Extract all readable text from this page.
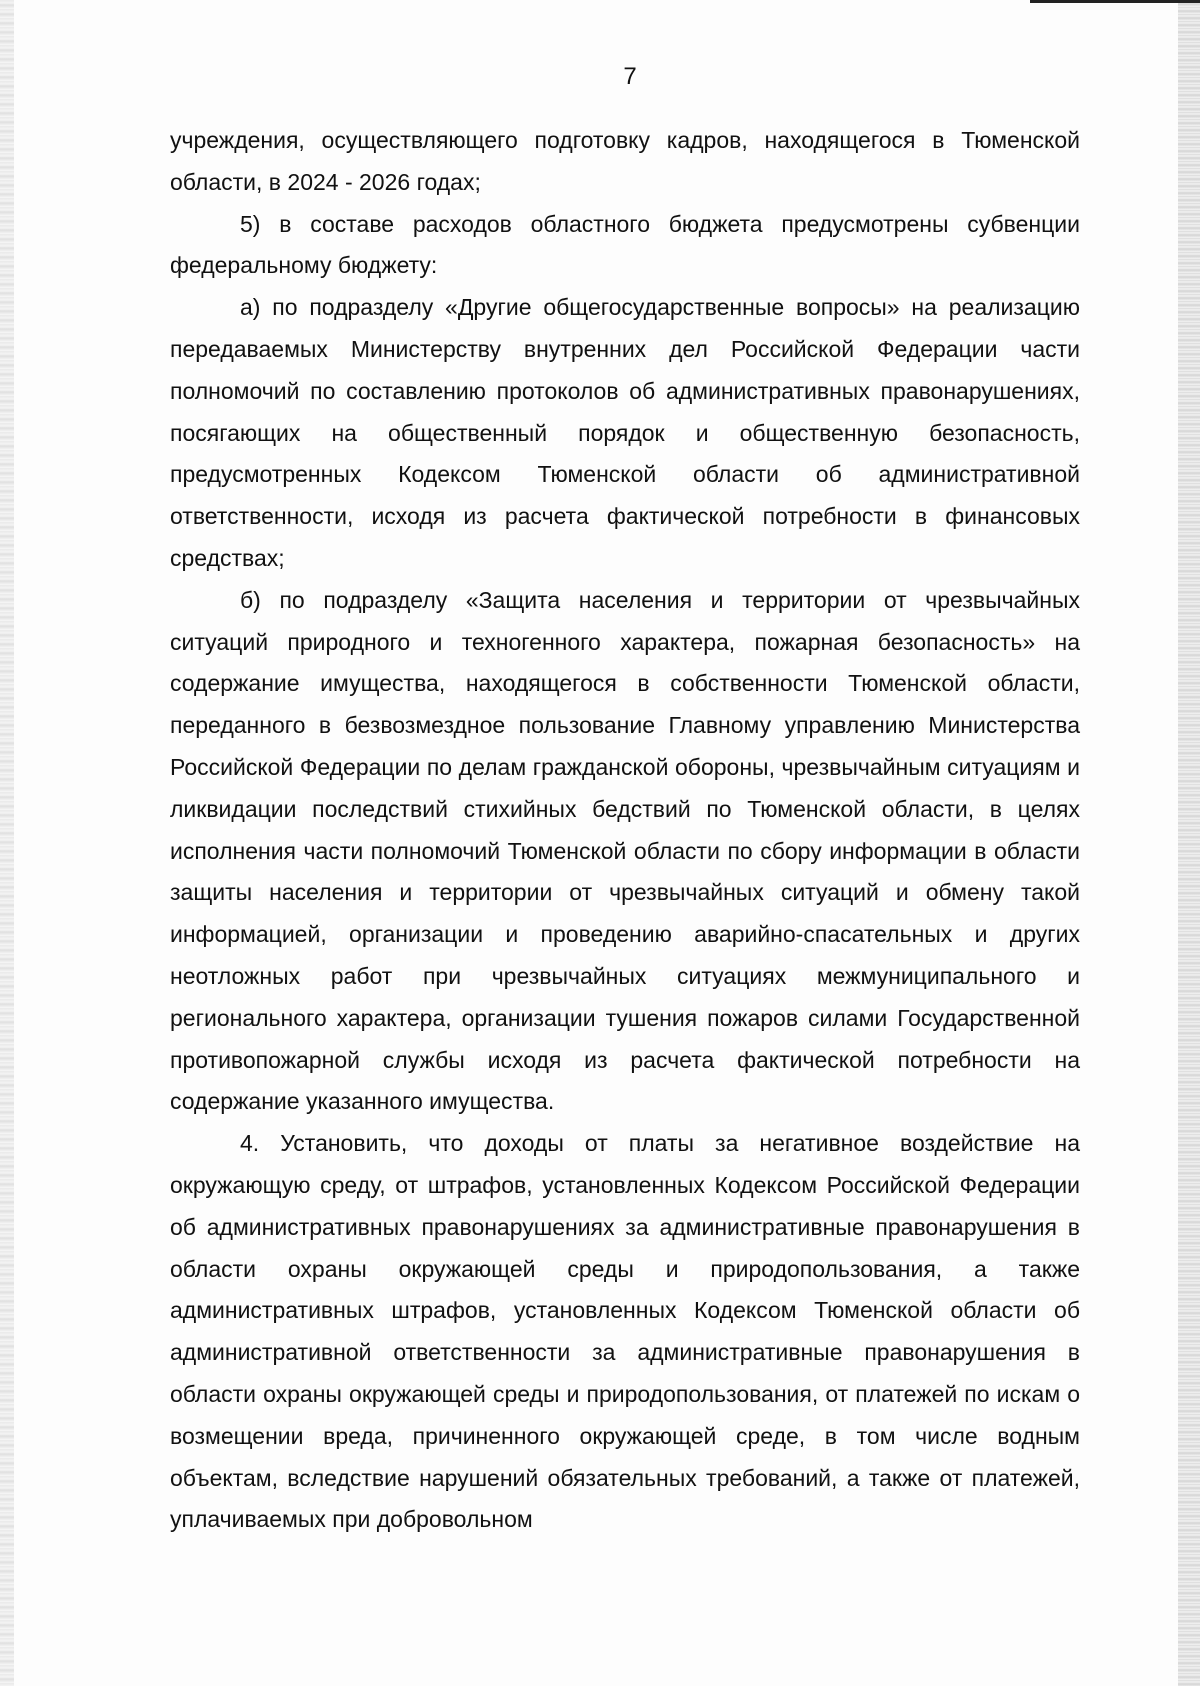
7

учреждения, осуществляющего подготовку кадров, находящегося в Тюменской области, в 2024 - 2026 годах;

5) в составе расходов областного бюджета предусмотрены субвенции федеральному бюджету:

а) по подразделу «Другие общегосударственные вопросы» на реализацию передаваемых Министерству внутренних дел Российской Федерации части полномочий по составлению протоколов об административных правонарушениях, посягающих на общественный порядок и общественную безопасность, предусмотренных Кодексом Тюменской области об административной ответственности, исходя из расчета фактической потребности в финансовых средствах;

б) по подразделу «Защита населения и территории от чрезвычайных ситуаций природного и техногенного характера, пожарная безопасность» на содержание имущества, находящегося в собственности Тюменской области, переданного в безвозмездное пользование Главному управлению Министерства Российской Федерации по делам гражданской обороны, чрезвычайным ситуациям и ликвидации последствий стихийных бедствий по Тюменской области, в целях исполнения части полномочий Тюменской области по сбору информации в области защиты населения и территории от чрезвычайных ситуаций и обмену такой информацией, организации и проведению аварийно-спасательных и других неотложных работ при чрезвычайных ситуациях межмуниципального и регионального характера, организации тушения пожаров силами Государственной противопожарной службы исходя из расчета фактической потребности на содержание указанного имущества.

4. Установить, что доходы от платы за негативное воздействие на окружающую среду, от штрафов, установленных Кодексом Российской Федерации об административных правонарушениях за административные правонарушения в области охраны окружающей среды и природопользования, а также административных штрафов, установленных Кодексом Тюменской области об административной ответственности за административные правонарушения в области охраны окружающей среды и природопользования, от платежей по искам о возмещении вреда, причиненного окружающей среде, в том числе водным объектам, вследствие нарушений обязательных требований, а также от платежей, уплачиваемых при добровольном
